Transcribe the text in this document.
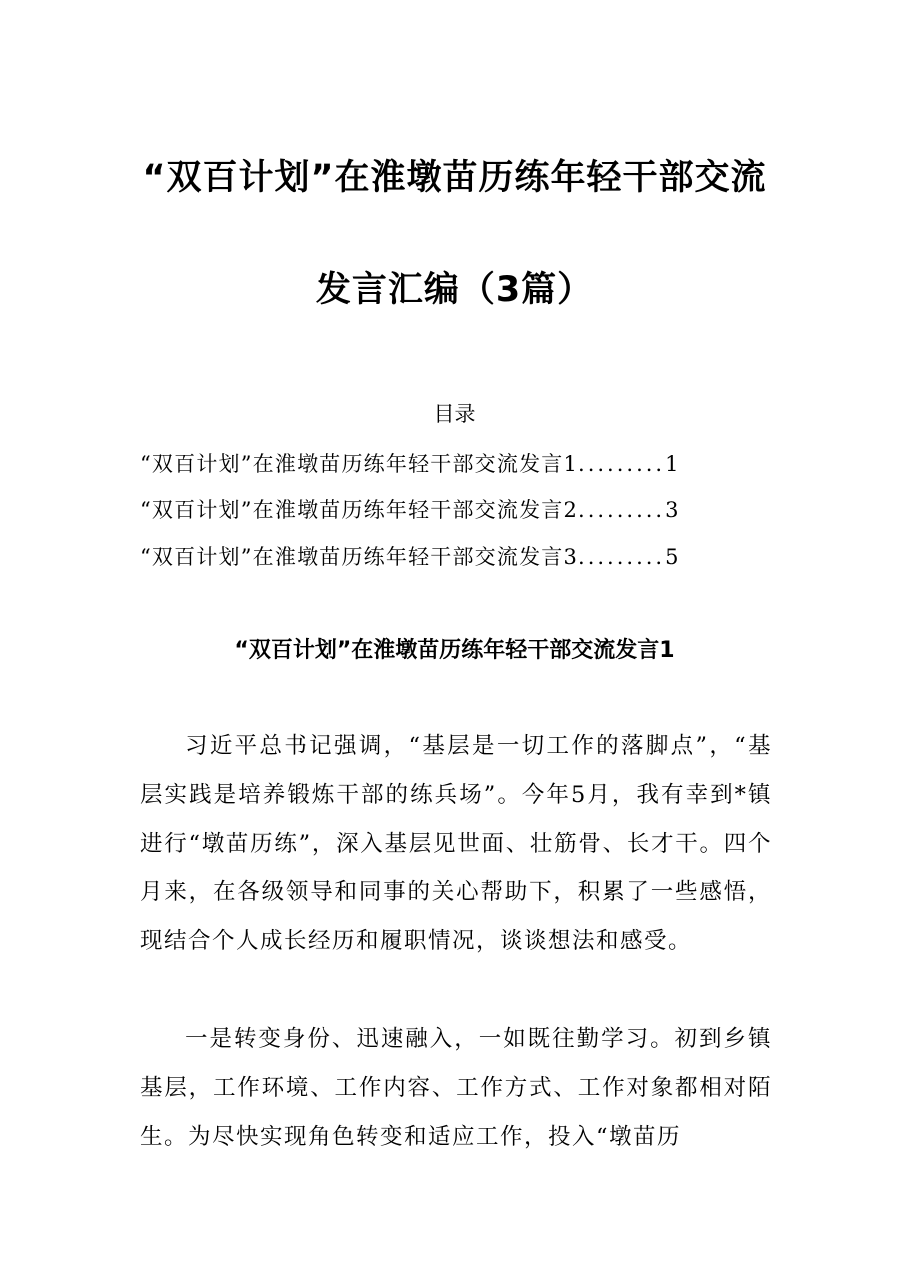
“双百计划”在淮墩苗历练年轻干部交流
发言汇编（3篇）
目录
“双百计划”在淮墩苗历练年轻干部交流发言1.........1
“双百计划”在淮墩苗历练年轻干部交流发言2.........3
“双百计划”在淮墩苗历练年轻干部交流发言3.........5
“双百计划”在淮墩苗历练年轻干部交流发言1

习近平总书记强调，“基层是一切工作的落脚点”，“基层实践是培养锻炼干部的练兵场”。今年5月，我有幸到*镇进行“墩苗历练”，深入基层见世面、壮筋骨、长才干。四个月来，在各级领导和同事的关心帮助下，积累了一些感悟，现结合个人成长经历和履职情况，谈谈想法和感受。

一是转变身份、迅速融入，一如既往勤学习。初到乡镇基层，工作环境、工作内容、工作方式、工作对象都相对陌生。为尽快实现角色转变和适应工作，投入“墩苗历
